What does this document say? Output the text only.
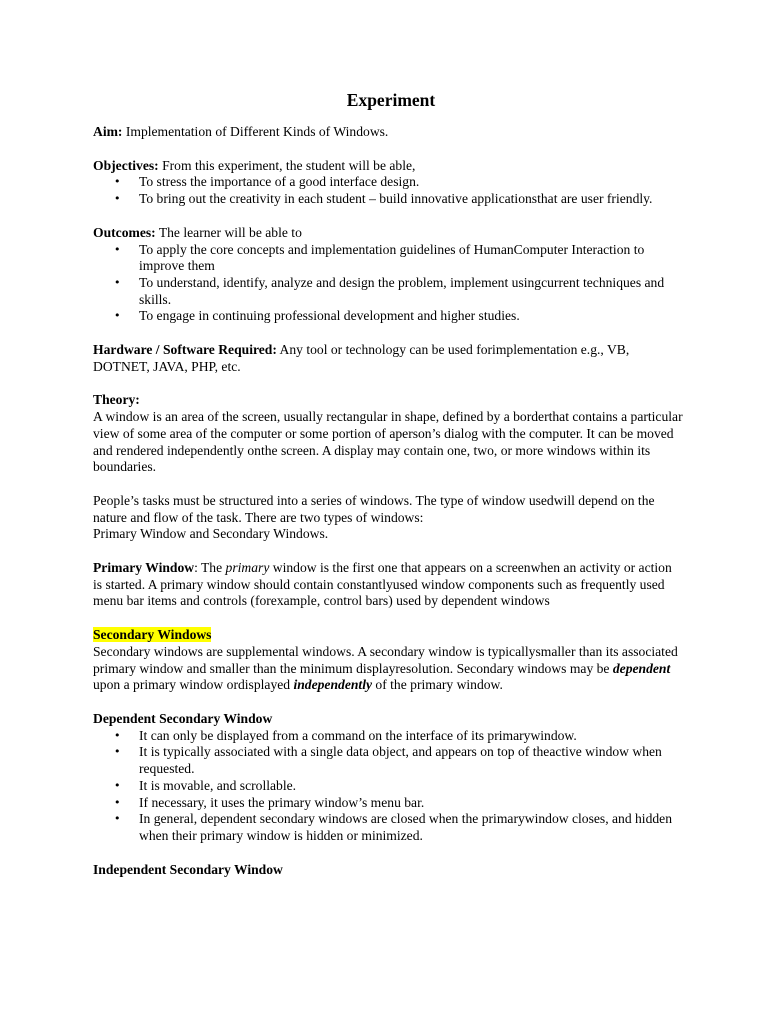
Experiment

Aim: Implementation of Different Kinds of Windows.

Objectives: From this experiment, the student will be able,

• To stress the importance of a good interface design.
• To bring out the creativity in each student – build innovative applicationsthat are user friendly.

Outcomes: The learner will be able to

• To apply the core concepts and implementation guidelines of HumanComputer Interaction to improve them
• To understand, identify, analyze and design the problem, implement usingcurrent techniques and skills.
• To engage in continuing professional development and higher studies.

Hardware / Software Required: Any tool or technology can be used forimplementation e.g., VB, DOTNET, JAVA, PHP, etc.

Theory:

A window is an area of the screen, usually rectangular in shape, defined by a borderthat contains a particular view of some area of the computer or some portion of aperson’s dialog with the computer. It can be moved and rendered independently onthe screen. A display may contain one, two, or more windows within its boundaries.

People’s tasks must be structured into a series of windows. The type of window usedwill depend on the nature and flow of the task. There are two types of windows:

Primary Window and Secondary Windows.

Primary Window: The primary window is the first one that appears on a screenwhen an activity or action is started. A primary window should contain constantlyused window components such as frequently used menu bar items and controls (forexample, control bars) used by dependent windows

Secondary Windows

Secondary windows are supplemental windows. A secondary window is typicallysmaller than its associated primary window and smaller than the minimum displayresolution. Secondary windows may be dependent upon a primary window ordisplayed independently of the primary window.

Dependent Secondary Window

• It can only be displayed from a command on the interface of its primarywindow.
• It is typically associated with a single data object, and appears on top of theactive window when requested.
• It is movable, and scrollable.
• If necessary, it uses the primary window’s menu bar.
• In general, dependent secondary windows are closed when the primarywindow closes, and hidden when their primary window is hidden or minimized.

Independent Secondary Window
